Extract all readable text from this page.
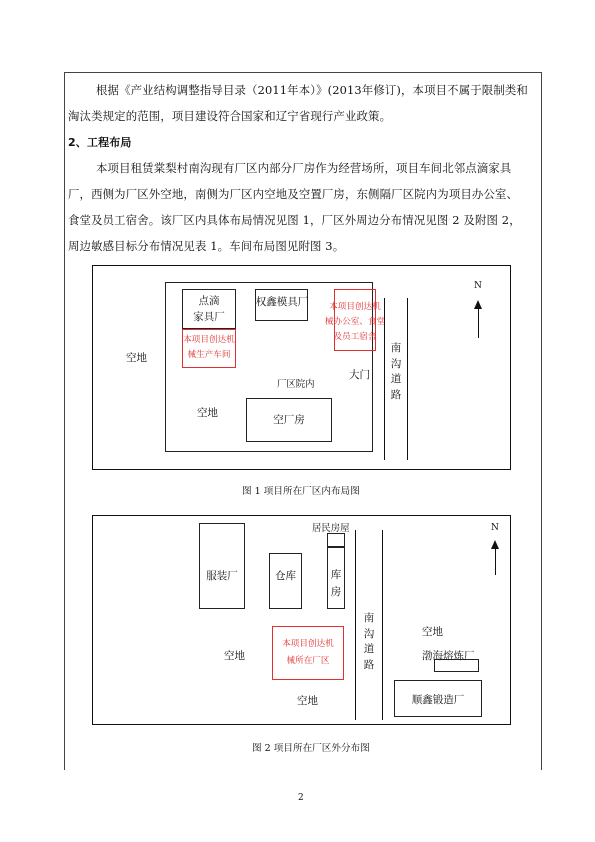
根据《产业结构调整指导目录（2011年本）》(2013年修订)，本项目不属于限制类和
淘汰类规定的范围，项目建设符合国家和辽宁省现行产业政策。
2、工程布局
本项目租赁棠梨村南沟现有厂区内部分厂房作为经营场所，项目车间北邻点滴家具
厂，西侧为厂区外空地，南侧为厂区内空地及空置厂房，东侧隔厂区院内为项目办公室、
食堂及员工宿舍。该厂区内具体布局情况见图 1，厂区外周边分布情况见图 2 及附图 2，
周边敏感目标分布情况见表 1。车间布局图见附图 3。
点滴
家具厂
本项目创达机
械生产车间
权鑫模具厂	本项目创达机
械办公室、食堂
及员工宿舍
大门
厂区院内
空地
空地
空厂房
南
沟
道
路
N
图 1 项目所在厂区内布局图
居民房屋
服装厂	仓库	库
房
本项目创达机
械所在厂区
空地
空地
空地
南
沟
道
路
渤海熔炼厂
顺鑫锻造厂
N
图 2 项目所在厂区外分布图
2
